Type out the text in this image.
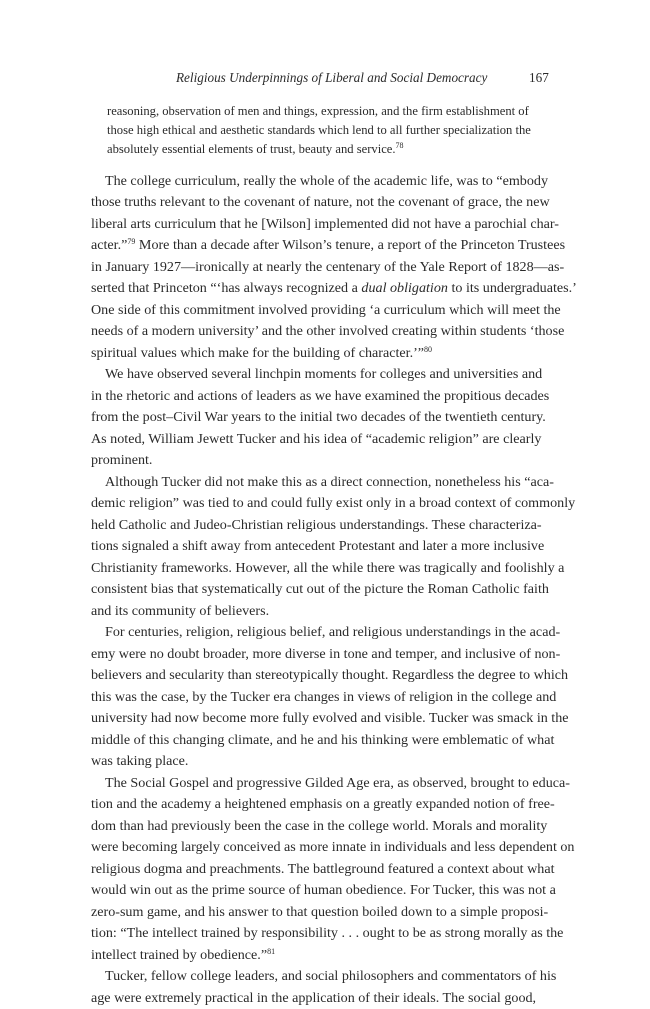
Religious Underpinnings of Liberal and Social Democracy	167
reasoning, observation of men and things, expression, and the firm establishment of
those high ethical and aesthetic standards which lend to all further specialization the
absolutely essential elements of trust, beauty and service.$^{78}$
The college curriculum, really the whole of the academic life, was to “embody
those truths relevant to the covenant of nature, not the covenant of grace, the new
liberal arts curriculum that he [Wilson] implemented did not have a parochial char-
acter.”$^{79}$ More than a decade after Wilson’s tenure, a report of the Princeton Trustees
in January 1927—ironically at nearly the centenary of the Yale Report of 1828—as-
serted that Princeton “‘has always recognized a dual obligation to its undergraduates.’
One side of this commitment involved providing ‘a curriculum which will meet the
needs of a modern university’ and the other involved creating within students ‘those
spiritual values which make for the building of character.’”$^{80}$
We have observed several linchpin moments for colleges and universities and
in the rhetoric and actions of leaders as we have examined the propitious decades
from the post–Civil War years to the initial two decades of the twentieth century.
As noted, William Jewett Tucker and his idea of “academic religion” are clearly
prominent.
Although Tucker did not make this as a direct connection, nonetheless his “aca-
demic religion” was tied to and could fully exist only in a broad context of commonly
held Catholic and Judeo-Christian religious understandings. These characteriza-
tions signaled a shift away from antecedent Protestant and later a more inclusive
Christianity frameworks. However, all the while there was tragically and foolishly a
consistent bias that systematically cut out of the picture the Roman Catholic faith
and its community of believers.
For centuries, religion, religious belief, and religious understandings in the acad-
emy were no doubt broader, more diverse in tone and temper, and inclusive of non-
believers and secularity than stereotypically thought. Regardless the degree to which
this was the case, by the Tucker era changes in views of religion in the college and
university had now become more fully evolved and visible. Tucker was smack in the
middle of this changing climate, and he and his thinking were emblematic of what
was taking place.
The Social Gospel and progressive Gilded Age era, as observed, brought to educa-
tion and the academy a heightened emphasis on a greatly expanded notion of free-
dom than had previously been the case in the college world. Morals and morality
were becoming largely conceived as more innate in individuals and less dependent on
religious dogma and preachments. The battleground featured a context about what
would win out as the prime source of human obedience. For Tucker, this was not a
zero-sum game, and his answer to that question boiled down to a simple proposi-
tion: “The intellect trained by responsibility . . . ought to be as strong morally as the
intellect trained by obedience.”$^{81}$
Tucker, fellow college leaders, and social philosophers and commentators of his
age were extremely practical in the application of their ideals. The social good,
